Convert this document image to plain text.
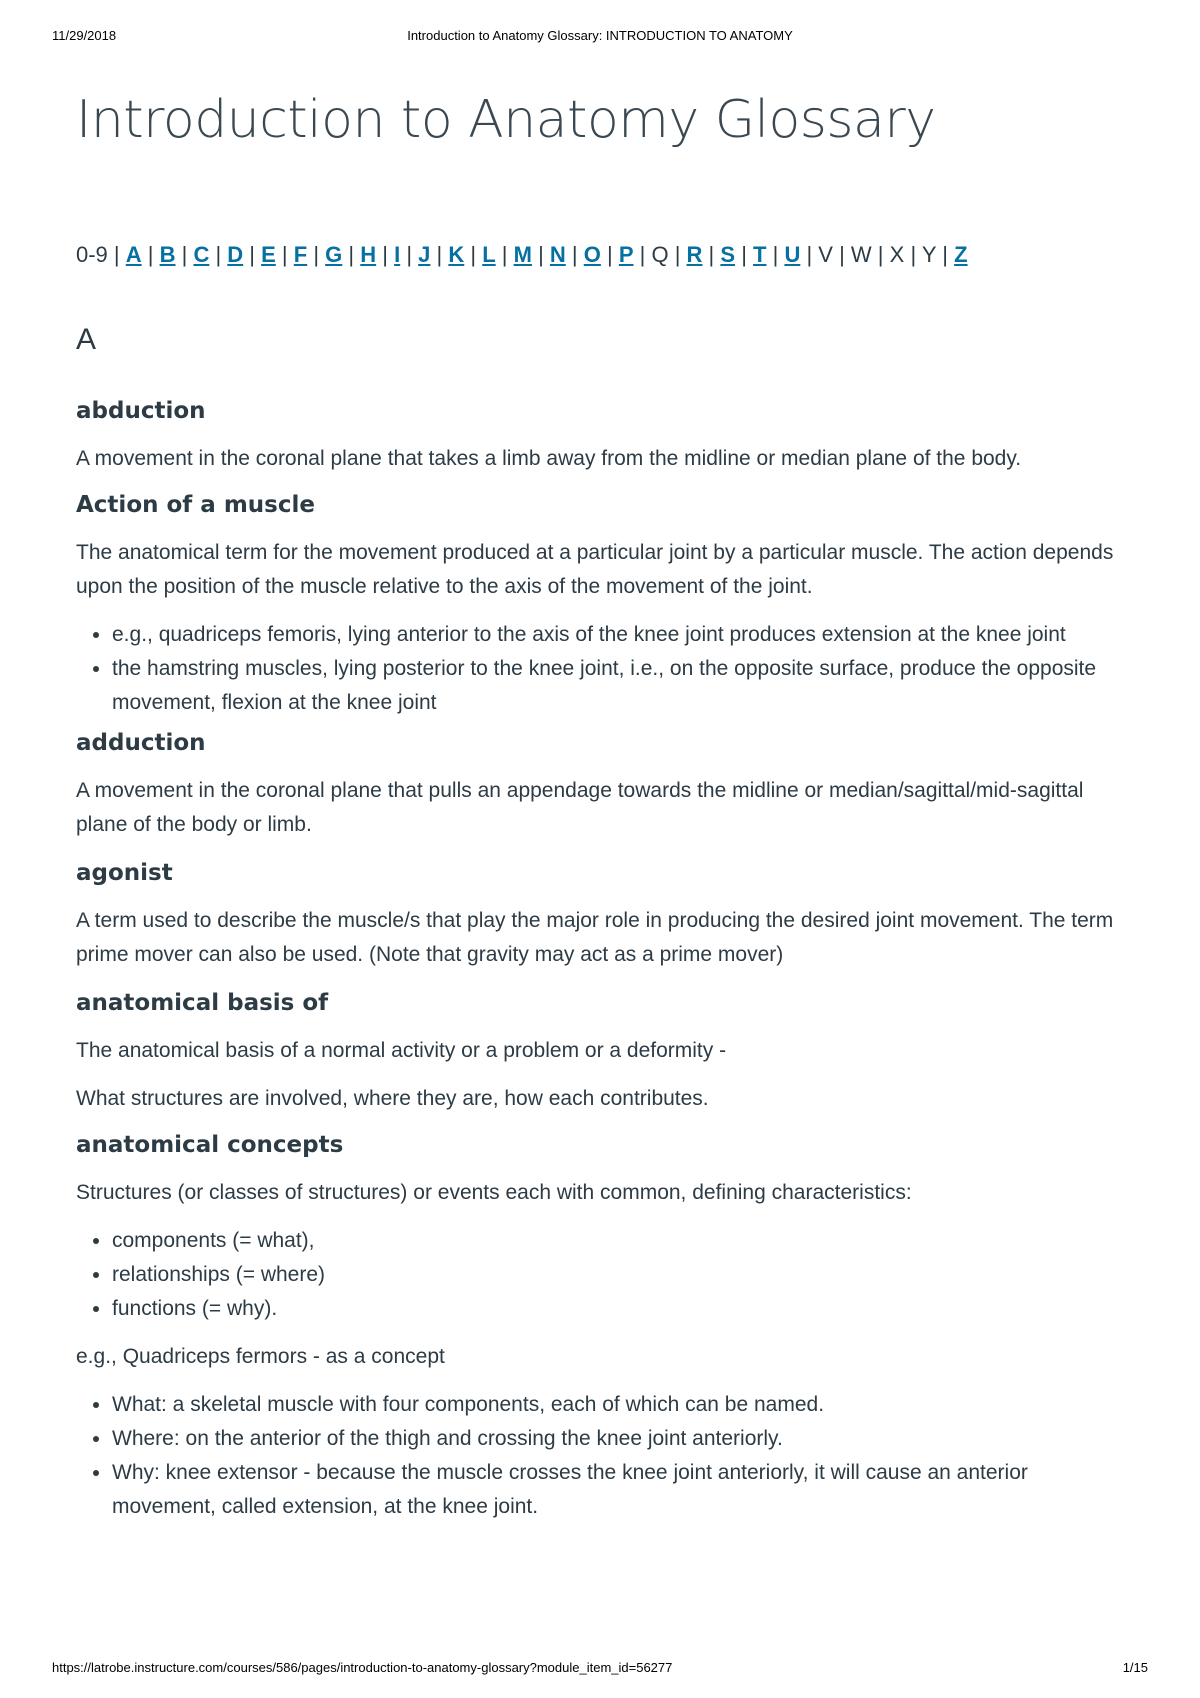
11/29/2018	Introduction to Anatomy Glossary: INTRODUCTION TO ANATOMY
Introduction to Anatomy Glossary
0-9 | A | B | C | D | E | F | G | H | I | J | K | L | M | N | O | P | Q | R | S | T | U | V | W | X | Y | Z
A
abduction

A movement in the coronal plane that takes a limb away from the midline or median plane of the body.

Action of a muscle

The anatomical term for the movement produced at a particular joint by a particular muscle. The action depends upon the position of the muscle relative to the axis of the movement of the joint.

• e.g., quadriceps femoris, lying anterior to the axis of the knee joint produces extension at the knee joint
• the hamstring muscles, lying posterior to the knee joint, i.e., on the opposite surface, produce the opposite movement, flexion at the knee joint
adduction

A movement in the coronal plane that pulls an appendage towards the midline or median/sagittal/mid-sagittal plane of the body or limb.

agonist

A term used to describe the muscle/s that play the major role in producing the desired joint movement. The term prime mover can also be used. (Note that gravity may act as a prime mover)

anatomical basis of

The anatomical basis of a normal activity or a problem or a deformity -

What structures are involved, where they are, how each contributes.

anatomical concepts

Structures (or classes of structures) or events each with common, defining characteristics:

• components (= what),
• relationships (= where)
• functions (= why).

e.g., Quadriceps fermors - as a concept

• What: a skeletal muscle with four components, each of which can be named.
• Where: on the anterior of the thigh and crossing the knee joint anteriorly.
• Why: knee extensor - because the muscle crosses the knee joint anteriorly, it will cause an anterior movement, called extension, at the knee joint.
https://latrobe.instructure.com/courses/586/pages/introduction-to-anatomy-glossary?module_item_id=56277	1/15
